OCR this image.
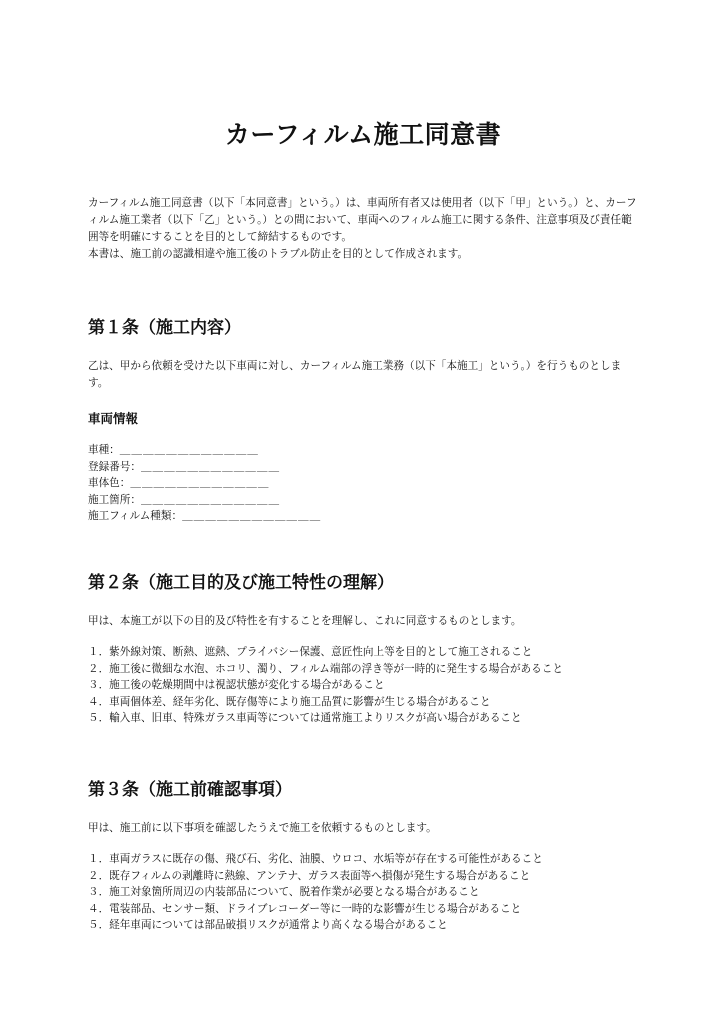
カーフィルム施工同意書

カーフィルム施工同意書（以下「本同意書」という。）は、車両所有者又は使用者（以下「甲」という。）と、カーフィルム施工業者（以下「乙」という。）との間において、車両へのフィルム施工に関する条件、注意事項及び責任範囲等を明確にすることを目的として締結するものです。

本書は、施工前の認識相違や施工後のトラブル防止を目的として作成されます。

第１条（施工内容）

乙は、甲から依頼を受けた以下車両に対し、カーフィルム施工業務（以下「本施工」という。）を行うものとします。

車両情報
車種：＿＿＿＿＿＿＿＿＿＿＿＿
登録番号：＿＿＿＿＿＿＿＿＿＿＿＿
車体色：＿＿＿＿＿＿＿＿＿＿＿＿
施工箇所：＿＿＿＿＿＿＿＿＿＿＿＿
施工フィルム種類：＿＿＿＿＿＿＿＿＿＿＿＿
第２条（施工目的及び施工特性の理解）

甲は、本施工が以下の目的及び特性を有することを理解し、これに同意するものとします。

１．紫外線対策、断熱、遮熱、プライバシー保護、意匠性向上等を目的として施工されること
２．施工後に微細な水泡、ホコリ、濁り、フィルム端部の浮き等が一時的に発生する場合があること
３．施工後の乾燥期間中は視認状態が変化する場合があること
４．車両個体差、経年劣化、既存傷等により施工品質に影響が生じる場合があること
５．輸入車、旧車、特殊ガラス車両等については通常施工よりリスクが高い場合があること
第３条（施工前確認事項）

甲は、施工前に以下事項を確認したうえで施工を依頼するものとします。

１．車両ガラスに既存の傷、飛び石、劣化、油膜、ウロコ、水垢等が存在する可能性があること
２．既存フィルムの剥離時に熱線、アンテナ、ガラス表面等へ損傷が発生する場合があること
３．施工対象箇所周辺の内装部品について、脱着作業が必要となる場合があること
４．電装部品、センサー類、ドライブレコーダー等に一時的な影響が生じる場合があること
５．経年車両については部品破損リスクが通常より高くなる場合があること
